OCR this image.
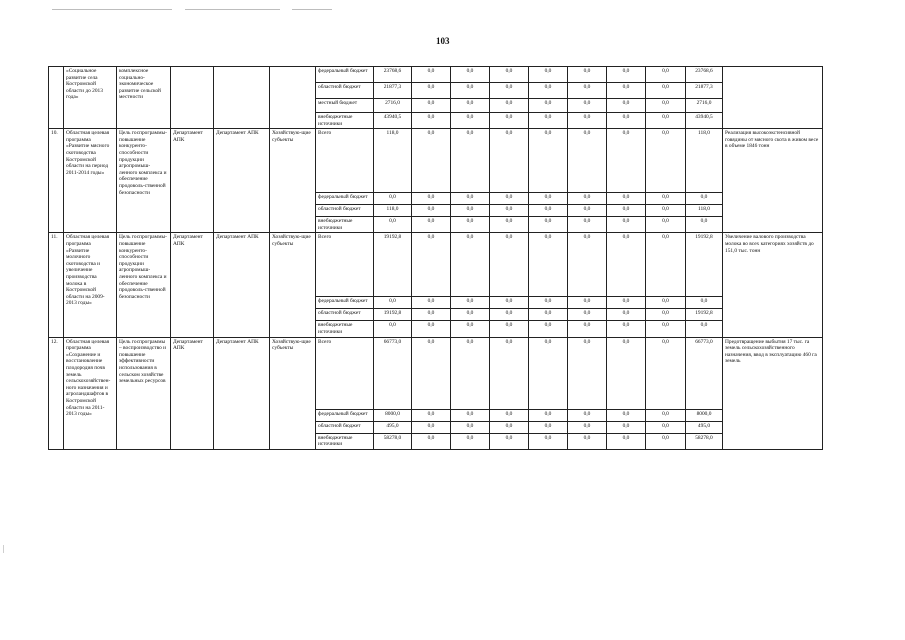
103
	«Социальное развитие села Костромской области до 2013 года»	комплексное социально-экономическое развитие сельской местности				федеральный бюджет	23768,6	0,0	0,0	0,0	0,0	0,0	0,0	0,0	23768,6	
						областной бюджет	21877,3	0,0	0,0	0,0	0,0	0,0	0,0	0,0	21877,3	
						местный бюджет	2716,0	0,0	0,0	0,0	0,0	0,0	0,0	0,0	2716,0	
						внебюджетные источники	43940,5	0,0	0,0	0,0	0,0	0,0	0,0	0,0	43940,5	
10.	Областная целевая программа «Развитие мясного скотоводства Костромской области на период 2011-2014 годы»	Цель госпрограммы-повышение конкуренто-способности продукции агропромыш-ленного комплекса и обеспечение продоволь-ственной безопасности	Департамент АПК	Департамент АПК	Хозяйствую-щие субъекты	Всего	118,0	0,0	0,0	0,0	0,0	0,0	0,0	0,0	118,0	Реализация высокоэкстенсивной говядины от мясного скота в живом весе в объеме 1846 тонн
						федеральный бюджет	0,0	0,0	0,0	0,0	0,0	0,0	0,0	0,0	0,0	
						областной бюджет	118,0	0,0	0,0	0,0	0,0	0,0	0,0	0,0	118,0	
						внебюджетные источники	0,0	0,0	0,0	0,0	0,0	0,0	0,0	0,0	0,0	
11.	Областная целевая программа «Развитие молочного скотоводства и увеличение производства молока в Костромской области на 2009-2013 годы»	Цель госпрограммы-повышение конкуренто-способности продукции агропромыш-ленного комплекса и обеспечение продоволь-ственной безопасности	Департамент АПК	Департамент АПК	Хозяйствую-щие субъекты	Всего	19192,8	0,0	0,0	0,0	0,0	0,0	0,0	0,0	19192,8	Увеличение валового производства молока во всех категориях хозяйств до 151,0 тыс. тонн
						федеральный бюджет	0,0	0,0	0,0	0,0	0,0	0,0	0,0	0,0	0,0	
						областной бюджет	19192,8	0,0	0,0	0,0	0,0	0,0	0,0	0,0	19192,8	
						внебюджетные источники	0,0	0,0	0,0	0,0	0,0	0,0	0,0	0,0	0,0	
12.	Областная целевая программа «Сохранение и восстановление плодородия почв земель сельскохозяйствен-ного назначения и агроландшафтов в Костромской области на 2011-2013 годы»	Цель госпрограммы – воспроизводство и повышение эффективности использования в сельском хозяйстве земельных ресурсов	Департамент АПК	Департамент АПК	Хозяйствую-щие субъекты	Всего	66773,0	0,0	0,0	0,0	0,0	0,0	0,0	0,0	66773,0	Предотвращение выбытия 17 тыс. га земель сельскохозяйственного назначения, ввод в эксплуатацию 460 га земель
						федеральный бюджет	8000,0	0,0	0,0	0,0	0,0	0,0	0,0	0,0	8000,0	
						областной бюджет	495,0	0,0	0,0	0,0	0,0	0,0	0,0	0,0	495,0	
						внебюджетные источники	58278,0	0,0	0,0	0,0	0,0	0,0	0,0	0,0	58278,0	
